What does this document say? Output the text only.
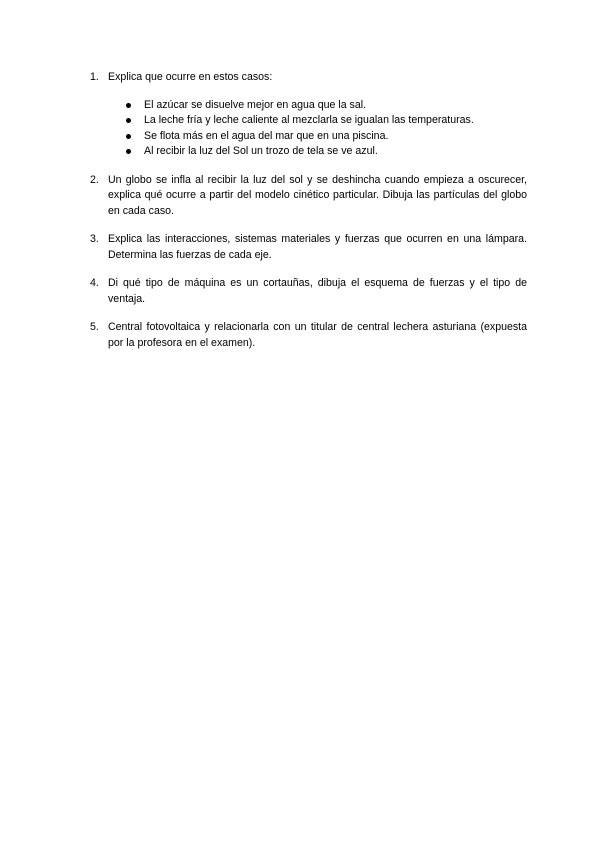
1. Explica que ocurre en estos casos:
El azúcar se disuelve mejor en agua que la sal.
La leche fría y leche caliente al mezclarla se igualan las temperaturas.
Se flota más en el agua del mar que en una piscina.
Al recibir la luz del Sol un trozo de tela se ve azul.
2. Un globo se infla al recibir la luz del sol y se deshincha cuando empieza a oscurecer, explica qué ocurre a partir del modelo cinético particular. Dibuja las partículas del globo en cada caso.
3. Explica las interacciones, sistemas materiales y fuerzas que ocurren en una lámpara. Determina las fuerzas de cada eje.
4. Di qué tipo de máquina es un cortauñas, dibuja el esquema de fuerzas y el tipo de ventaja.
5. Central fotovoltaica y relacionarla con un titular de central lechera asturiana (expuesta por la profesora en el examen).
